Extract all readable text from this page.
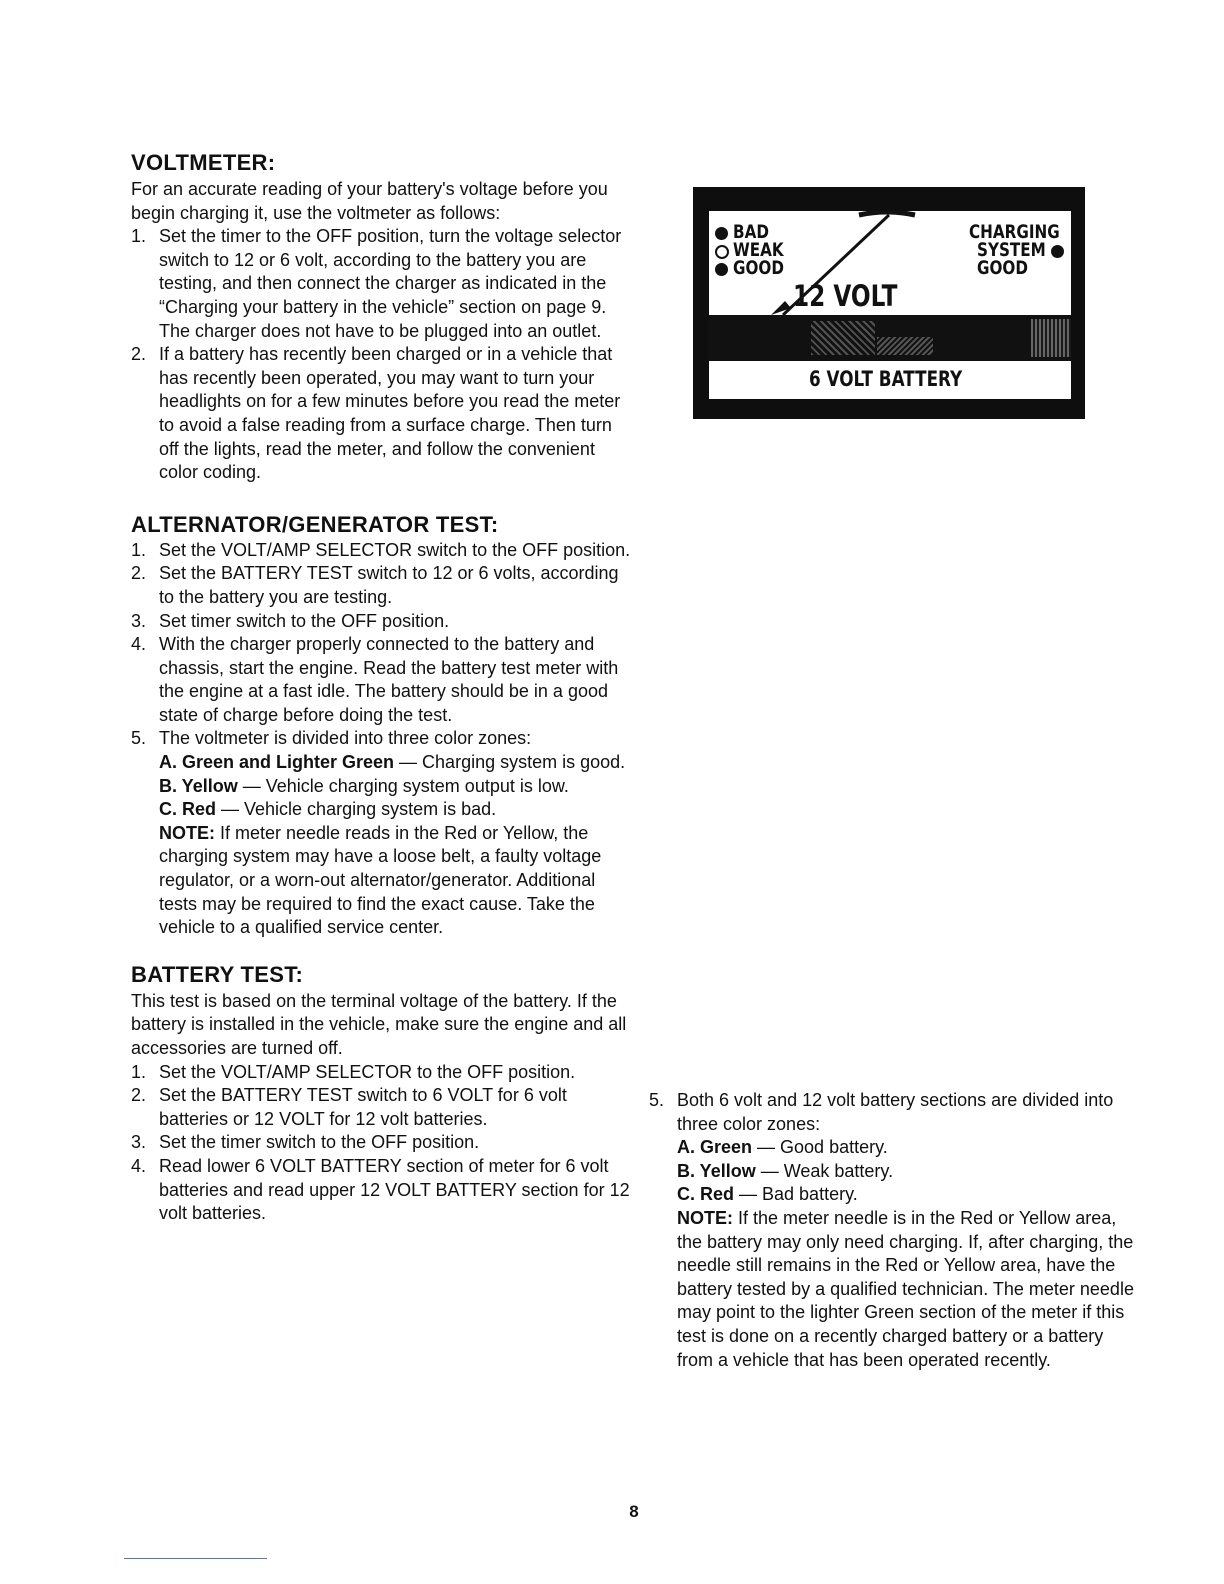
VOLTMETER:

For an accurate reading of your battery's voltage before you begin charging it, use the voltmeter as follows:

1. Set the timer to the OFF position, turn the voltage selector switch to 12 or 6 volt, according to the battery you are testing, and then connect the charger as indicated in the “Charging your battery in the vehicle” section on page 9. The charger does not have to be plugged into an outlet.
2. If a battery has recently been charged or in a vehicle that has recently been operated, you may want to turn your headlights on for a few minutes before you read the meter to avoid a false reading from a surface charge. Then turn off the lights, read the meter, and follow the convenient color coding.
ALTERNATOR/GENERATOR TEST:
1. Set the VOLT/AMP SELECTOR switch to the OFF position.
2. Set the BATTERY TEST switch to 12 or 6 volts, according to the battery you are testing.
3. Set timer switch to the OFF position.
4. With the charger properly connected to the battery and chassis, start the engine. Read the battery test meter with the engine at a fast idle. The battery should be in a good state of charge before doing the test.
5. The voltmeter is divided into three color zones:
A. Green and Lighter Green — Charging system is good.
B. Yellow — Vehicle charging system output is low.
C. Red — Vehicle charging system is bad.
NOTE: If meter needle reads in the Red or Yellow, the charging system may have a loose belt, a faulty voltage regulator, or a worn-out alternator/generator. Additional tests may be required to find the exact cause. Take the vehicle to a qualified service center.
BATTERY TEST:

This test is based on the terminal voltage of the battery. If the battery is installed in the vehicle, make sure the engine and all accessories are turned off.

1. Set the VOLT/AMP SELECTOR to the OFF position.
2. Set the BATTERY TEST switch to 6 VOLT for 6 volt batteries or 12 VOLT for 12 volt batteries.
3. Set the timer switch to the OFF position.
4. Read lower 6 VOLT BATTERY section of meter for 6 volt batteries and read upper 12 VOLT BATTERY section for 12 volt batteries.
BAD
WEAK
GOOD
CHARGING
SYSTEM
GOOD
12 VOLT
6 VOLT BATTERY
5. Both 6 volt and 12 volt battery sections are divided into three color zones:
A. Green — Good battery.
B. Yellow — Weak battery.
C. Red — Bad battery.
NOTE: If the meter needle is in the Red or Yellow area, the battery may only need charging. If, after charging, the needle still remains in the Red or Yellow area, have the battery tested by a qualified technician. The meter needle may point to the lighter Green section of the meter if this test is done on a recently charged battery or a battery from a vehicle that has been operated recently.
8
